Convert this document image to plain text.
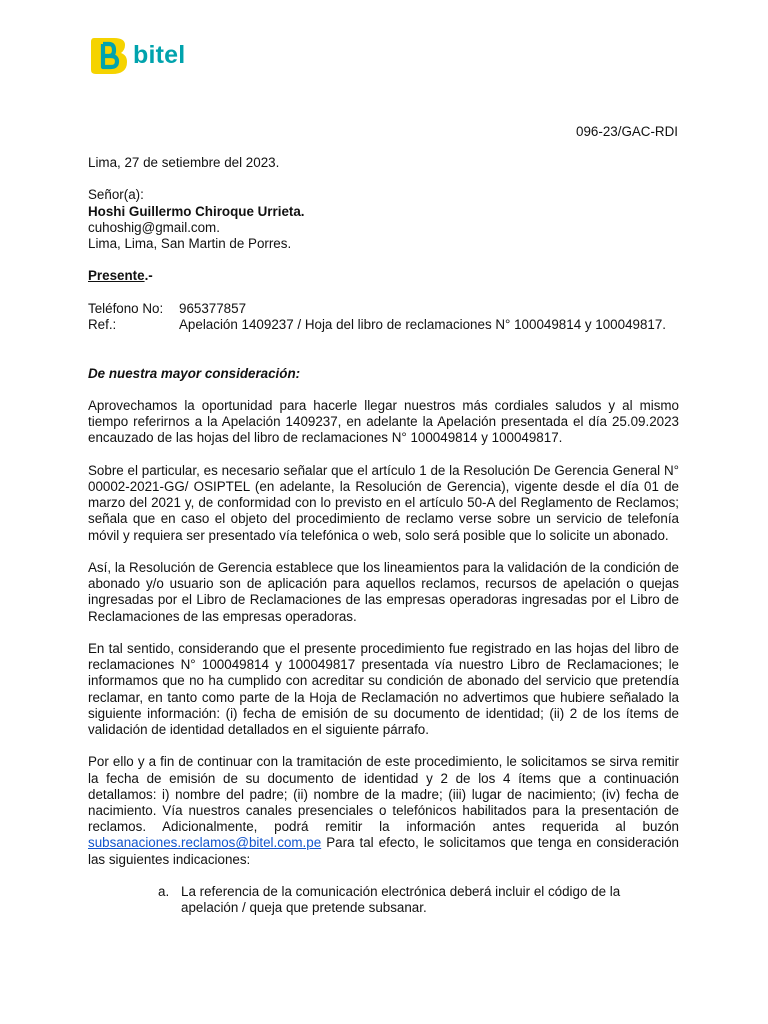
bitel
096-23/GAC-RDI

Lima, 27 de setiembre del 2023.

Señor(a):

Hoshi Guillermo Chiroque Urrieta.

cuhoshig@gmail.com.

Lima, Lima, San Martin de Porres.

Presente.-

Teléfono No:	965377857
Ref.:	Apelación 1409237 / Hoja del libro de reclamaciones N° 100049814 y 100049817.

De nuestra mayor consideración:

Aprovechamos la oportunidad para hacerle llegar nuestros más cordiales saludos y al mismo tiempo referirnos a la Apelación 1409237, en adelante la Apelación presentada el día 25.09.2023 encauzado de las hojas del libro de reclamaciones N° 100049814 y 100049817.

Sobre el particular, es necesario señalar que el artículo 1 de la Resolución De Gerencia General N° 00002-2021-GG/ OSIPTEL (en adelante, la Resolución de Gerencia), vigente desde el día 01 de marzo del 2021 y, de conformidad con lo previsto en el artículo 50-A del Reglamento de Reclamos; señala que en caso el objeto del procedimiento de reclamo verse sobre un servicio de telefonía móvil y requiera ser presentado vía telefónica o web, solo será posible que lo solicite un abonado.

Así, la Resolución de Gerencia establece que los lineamientos para la validación de la condición de abonado y/o usuario son de aplicación para aquellos reclamos, recursos de apelación o quejas ingresadas por el Libro de Reclamaciones de las empresas operadoras ingresadas por el Libro de Reclamaciones de las empresas operadoras.

En tal sentido, considerando que el presente procedimiento fue registrado en las hojas del libro de reclamaciones N° 100049814 y 100049817 presentada vía nuestro Libro de Reclamaciones; le informamos que no ha cumplido con acreditar su condición de abonado del servicio que pretendía reclamar, en tanto como parte de la Hoja de Reclamación no advertimos que hubiere señalado la siguiente información: (i) fecha de emisión de su documento de identidad; (ii) 2 de los ítems de validación de identidad detallados en el siguiente párrafo.

Por ello y a fin de continuar con la tramitación de este procedimiento, le solicitamos se sirva remitir la fecha de emisión de su documento de identidad y 2 de los 4 ítems que a continuación detallamos: i) nombre del padre; (ii) nombre de la madre; (iii) lugar de nacimiento; (iv) fecha de nacimiento. Vía nuestros canales presenciales o telefónicos habilitados para la presentación de reclamos. Adicionalmente, podrá remitir la información antes requerida al buzón subsanaciones.reclamos@bitel.com.pe Para tal efecto, le solicitamos que tenga en consideración las siguientes indicaciones:

a. La referencia de la comunicación electrónica deberá incluir el código de la apelación / queja que pretende subsanar.
